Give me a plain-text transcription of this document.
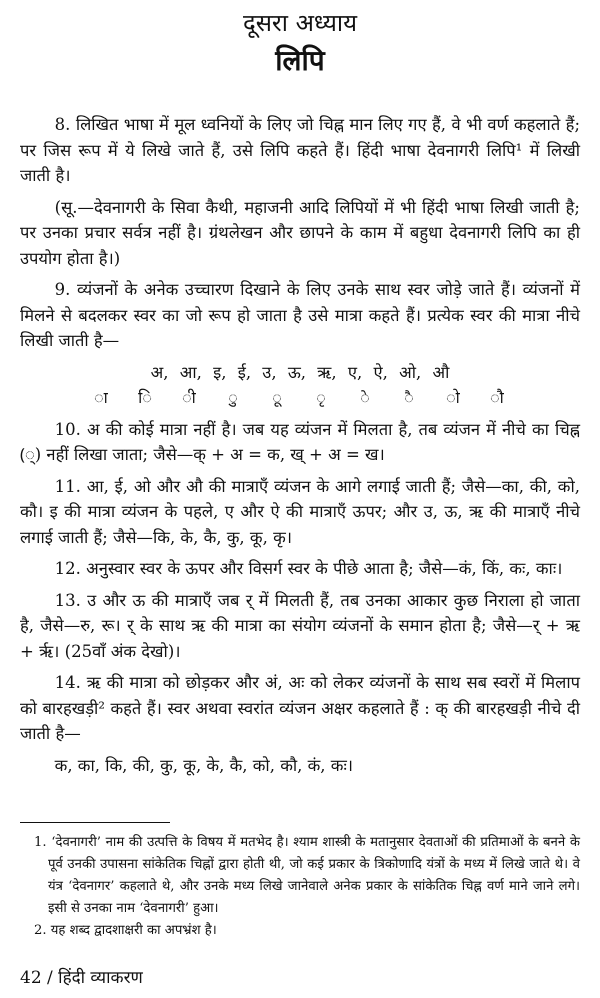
दूसरा अध्याय
लिपि

8. लिखित भाषा में मूल ध्वनियों के लिए जो चिह्न मान लिए गए हैं, वे भी वर्ण कहलाते हैं; पर जिस रूप में ये लिखे जाते हैं, उसे लिपि कहते हैं। हिंदी भाषा देवनागरी लिपि¹ में लिखी जाती है।

(सू.—देवनागरी के सिवा कैथी, महाजनी आदि लिपियों में भी हिंदी भाषा लिखी जाती है; पर उनका प्रचार सर्वत्र नहीं है। ग्रंथलेखन और छापने के काम में बहुधा देवनागरी लिपि का ही उपयोग होता है।)

9. व्यंजनों के अनेक उच्चारण दिखाने के लिए उनके साथ स्वर जोड़े जाते हैं। व्यंजनों में मिलने से बदलकर स्वर का जो रूप हो जाता है उसे मात्रा कहते हैं। प्रत्येक स्वर की मात्रा नीचे लिखी जाती है—

अ, आ, इ, ई, उ, ऊ, ऋ, ए, ऐ, ओ, औ
ा ि ी ु ू ृ े ै ो ौ

10. अ की कोई मात्रा नहीं है। जब यह व्यंजन में मिलता है, तब व्यंजन में नीचे का चिह्न (्) नहीं लिखा जाता; जैसे—क् + अ = क, ख् + अ = ख।

11. आ, ई, ओ और औ की मात्राएँ व्यंजन के आगे लगाई जाती हैं; जैसे—का, की, को, कौ। इ की मात्रा व्यंजन के पहले, ए और ऐ की मात्राएँ ऊपर; और उ, ऊ, ऋ की मात्राएँ नीचे लगाई जाती हैं; जैसे—कि, के, कै, कु, कू, कृ।

12. अनुस्वार स्वर के ऊपर और विसर्ग स्वर के पीछे आता है; जैसे—कं, किं, कः, काः।

13. उ और ऊ की मात्राएँ जब र् में मिलती हैं, तब उनका आकार कुछ निराला हो जाता है, जैसे—रु, रू। र् के साथ ऋ की मात्रा का संयोग व्यंजनों के समान होता है; जैसे—र् + ऋ + र्ऋ। (25वाँ अंक देखो)।

14. ऋ की मात्रा को छोड़कर और अं, अः को लेकर व्यंजनों के साथ सब स्वरों में मिलाप को बारहखड़ी² कहते हैं। स्वर अथवा स्वरांत व्यंजन अक्षर कहलाते हैं : क् की बारहखड़ी नीचे दी जाती है—

क, का, कि, की, कु, कू, के, कै, को, कौ, कं, कः।

1. ‘देवनागरी’ नाम की उत्पत्ति के विषय में मतभेद है। श्याम शास्त्री के मतानुसार देवताओं की प्रतिमाओं के बनने के पूर्व उनकी उपासना सांकेतिक चिह्नों द्वारा होती थी, जो कई प्रकार के त्रिकोणादि यंत्रों के मध्य में लिखे जाते थे। वे यंत्र ‘देवनागर’ कहलाते थे, और उनके मध्य लिखे जानेवाले अनेक प्रकार के सांकेतिक चिह्न वर्ण माने जाने लगे। इसी से उनका नाम ‘देवनागरी’ हुआ।

2. यह शब्द द्वादशाक्षरी का अपभ्रंश है।

42 / हिंदी व्याकरण
